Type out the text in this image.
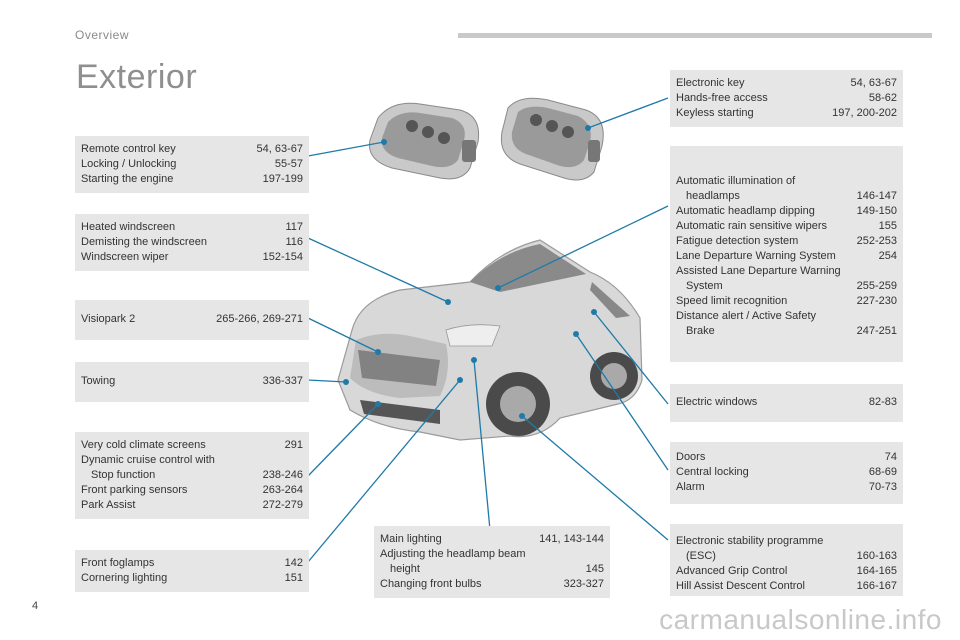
Overview
Exterior
Remote control key	54, 63-67
Locking / Unlocking	55-57
Starting the engine	197-199
Heated windscreen	117
Demisting the windscreen	116
Windscreen wiper	152-154
Visiopark 2	265-266, 269-271
Towing	336-337
Very cold climate screens	291
Dynamic cruise control with
Stop function	238-246
Front parking sensors	263-264
Park Assist	272-279
Front foglamps	142
Cornering lighting	151
Main lighting	141, 143-144
Adjusting the headlamp beam
height	145
Changing front bulbs	323-327
Electronic key	54, 63-67
Hands-free access	58-62
Keyless starting	197, 200-202
Automatic illumination of
headlamps	146-147
Automatic headlamp dipping	149-150
Automatic rain sensitive wipers	155
Fatigue detection system	252-253
Lane Departure Warning System	254
Assisted Lane Departure Warning
System	255-259
Speed limit recognition	227-230
Distance alert / Active Safety
Brake	247-251
Electric windows	82-83
Doors	74
Central locking	68-69
Alarm	70-73
Electronic stability programme
(ESC)	160-163
Advanced Grip Control	164-165
Hill Assist Descent Control	166-167
4	carmanualsonline.info
